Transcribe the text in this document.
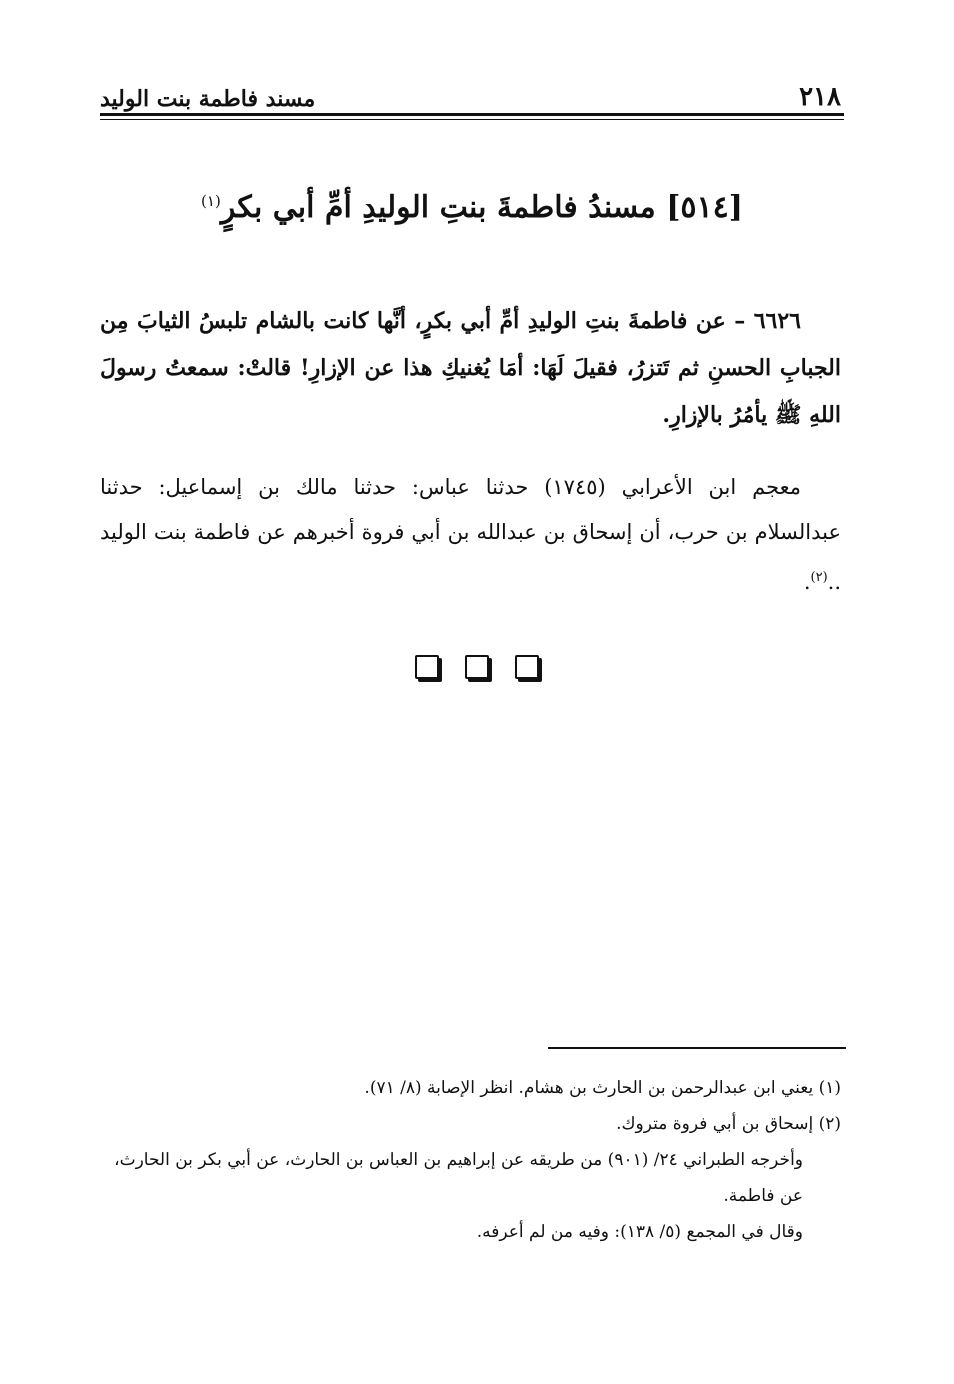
٢١٨
مسند فاطمة بنت الوليد
[٥١٤] مسندُ فاطمةَ بنتِ الوليدِ أمِّ أبي بكرٍ$^{(١)}$

٦٦٢٦ – عن فاطمةَ بنتِ الوليدِ أمِّ أبي بكرٍ، أنَّها كانت بالشام تلبسُ الثيابَ مِن الجبابِ الحسنِ ثم تَتزرُ، فقيلَ لَهَا: أمَا يُغنيكِ هذا عن الإزارِ! قالتْ: سمعتُ رسولَ اللهِ ﷺ يأمُرُ بالإزارِ.

معجم ابن الأعرابي (١٧٤٥) حدثنا عباس: حدثنا مالك بن إسماعيل: حدثنا عبدالسلام بن حرب، أن إسحاق بن عبدالله بن أبي فروة أخبرهم عن فاطمة بنت الوليد ..$^{(٢)}$.

(١) يعني ابن عبدالرحمن بن الحارث بن هشام. انظر الإصابة (٨/ ٧١).

(٢) إسحاق بن أبي فروة متروك.

وأخرجه الطبراني ٢٤/ (٩٠١) من طريقه عن إبراهيم بن العباس بن الحارث، عن أبي بكر بن الحارث، عن فاطمة.

وقال في المجمع (٥/ ١٣٨): وفيه من لم أعرفه.
